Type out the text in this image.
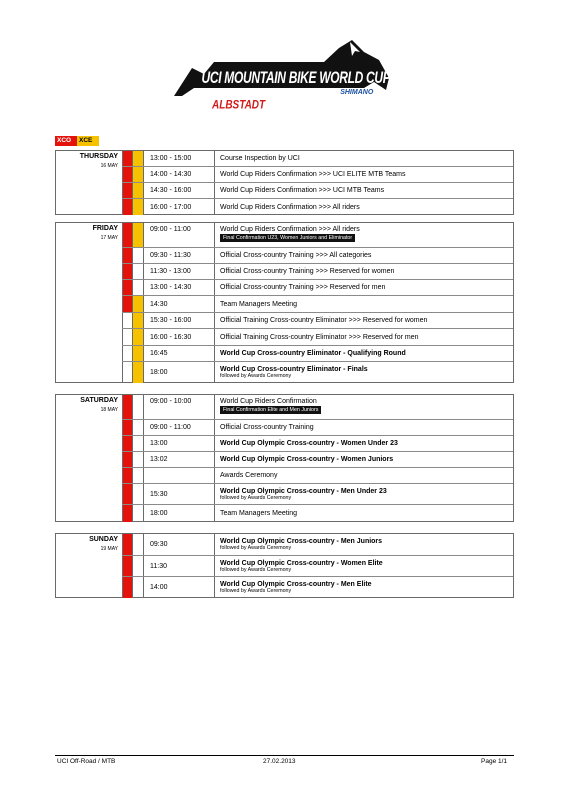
UCI MOUNTAIN BIKE WORLD CUP
PRESENTED BY SHIMANO
ALBSTADT
XCO	XCE
THURSDAY
16 MAY
13:00 - 15:00	Course Inspection by UCI
14:00 - 14:30	World Cup Riders Confirmation >>> UCI ELITE MTB Teams
14:30 - 16:00	World Cup Riders Confirmation >>> UCI MTB Teams
16:00 - 17:00	World Cup Riders Confirmation >>> All riders
FRIDAY
17 MAY
09:00 - 11:00	World Cup Riders Confirmation >>> All riders
Final Confirmation U23, Women Juniors and Eliminator
09:30 - 11:30	Official Cross-country Training >>> All categories
11:30 - 13:00	Official Cross-country Training >>> Reserved for women
13:00 - 14:30	Official Cross-country Training >>> Reserved for men
14:30	Team Managers Meeting
15:30 - 16:00	Official Training Cross-country Eliminator >>> Reserved for women
16:00 - 16:30	Official Training Cross-country Eliminator >>> Reserved for men
16:45	World Cup Cross-country Eliminator - Qualifying Round
18:00	World Cup Cross-country Eliminator - Finals
followed by Awards Ceremony
SATURDAY
18 MAY
09:00 - 10:00	World Cup Riders Confirmation
Final Confirmation Elite and Men Juniors
09:00 - 11:00	Official Cross-country Training
13:00	World Cup Olympic Cross-country - Women Under 23
13:02	World Cup Olympic Cross-country - Women Juniors
Awards Ceremony
15:30	World Cup Olympic Cross-country - Men Under 23
followed by Awards Ceremony
18:00	Team Managers Meeting
SUNDAY
19 MAY
09:30	World Cup Olympic Cross-country - Men Juniors
followed by Awards Ceremony
11:30	World Cup Olympic Cross-country - Women Elite
followed by Awards Ceremony
14:00	World Cup Olympic Cross-country - Men Elite
followed by Awards Ceremony
UCI Off-Road / MTB	27.02.2013	Page 1/1
